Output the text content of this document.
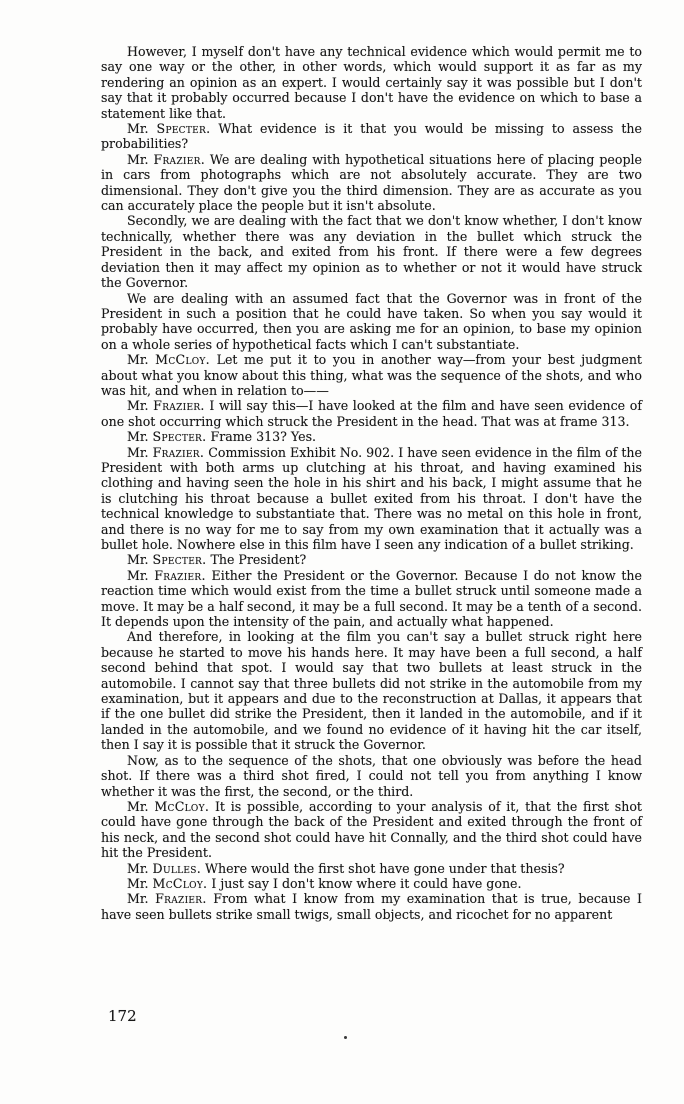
However, I myself don't have any technical evidence which would permit me to say one way or the other, in other words, which would support it as far as my rendering an opinion as an expert. I would certainly say it was possible but I don't say that it probably occurred because I don't have the evidence on which to base a statement like that.

Mr. Specter. What evidence is it that you would be missing to assess the probabilities?

Mr. Frazier. We are dealing with hypothetical situations here of placing people in cars from photographs which are not absolutely accurate. They are two dimensional. They don't give you the third dimension. They are as accurate as you can accurately place the people but it isn't absolute.

Secondly, we are dealing with the fact that we don't know whether, I don't know technically, whether there was any deviation in the bullet which struck the President in the back, and exited from his front. If there were a few degrees deviation then it may affect my opinion as to whether or not it would have struck the Governor.

We are dealing with an assumed fact that the Governor was in front of the President in such a position that he could have taken. So when you say would it probably have occurred, then you are asking me for an opinion, to base my opinion on a whole series of hypothetical facts which I can't substantiate.

Mr. McCloy. Let me put it to you in another way—from your best judgment about what you know about this thing, what was the sequence of the shots, and who was hit, and when in relation to——

Mr. Frazier. I will say this—I have looked at the film and have seen evidence of one shot occurring which struck the President in the head. That was at frame 313.

Mr. Specter. Frame 313? Yes.

Mr. Frazier. Commission Exhibit No. 902. I have seen evidence in the film of the President with both arms up clutching at his throat, and having examined his clothing and having seen the hole in his shirt and his back, I might assume that he is clutching his throat because a bullet exited from his throat. I don't have the technical knowledge to substantiate that. There was no metal on this hole in front, and there is no way for me to say from my own examination that it actually was a bullet hole. Nowhere else in this film have I seen any indication of a bullet striking.

Mr. Specter. The President?

Mr. Frazier. Either the President or the Governor. Because I do not know the reaction time which would exist from the time a bullet struck until someone made a move. It may be a half second, it may be a full second. It may be a tenth of a second. It depends upon the intensity of the pain, and actually what happened.

And therefore, in looking at the film you can't say a bullet struck right here because he started to move his hands here. It may have been a full second, a half second behind that spot. I would say that two bullets at least struck in the automobile. I cannot say that three bullets did not strike in the automobile from my examination, but it appears and due to the reconstruction at Dallas, it appears that if the one bullet did strike the President, then it landed in the automobile, and if it landed in the automobile, and we found no evidence of it having hit the car itself, then I say it is possible that it struck the Governor.

Now, as to the sequence of the shots, that one obviously was before the head shot. If there was a third shot fired, I could not tell you from anything I know whether it was the first, the second, or the third.

Mr. McCloy. It is possible, according to your analysis of it, that the first shot could have gone through the back of the President and exited through the front of his neck, and the second shot could have hit Connally, and the third shot could have hit the President.

Mr. Dulles. Where would the first shot have gone under that thesis?

Mr. McCloy. I just say I don't know where it could have gone.

Mr. Frazier. From what I know from my examination that is true, because I have seen bullets strike small twigs, small objects, and ricochet for no apparent

172
